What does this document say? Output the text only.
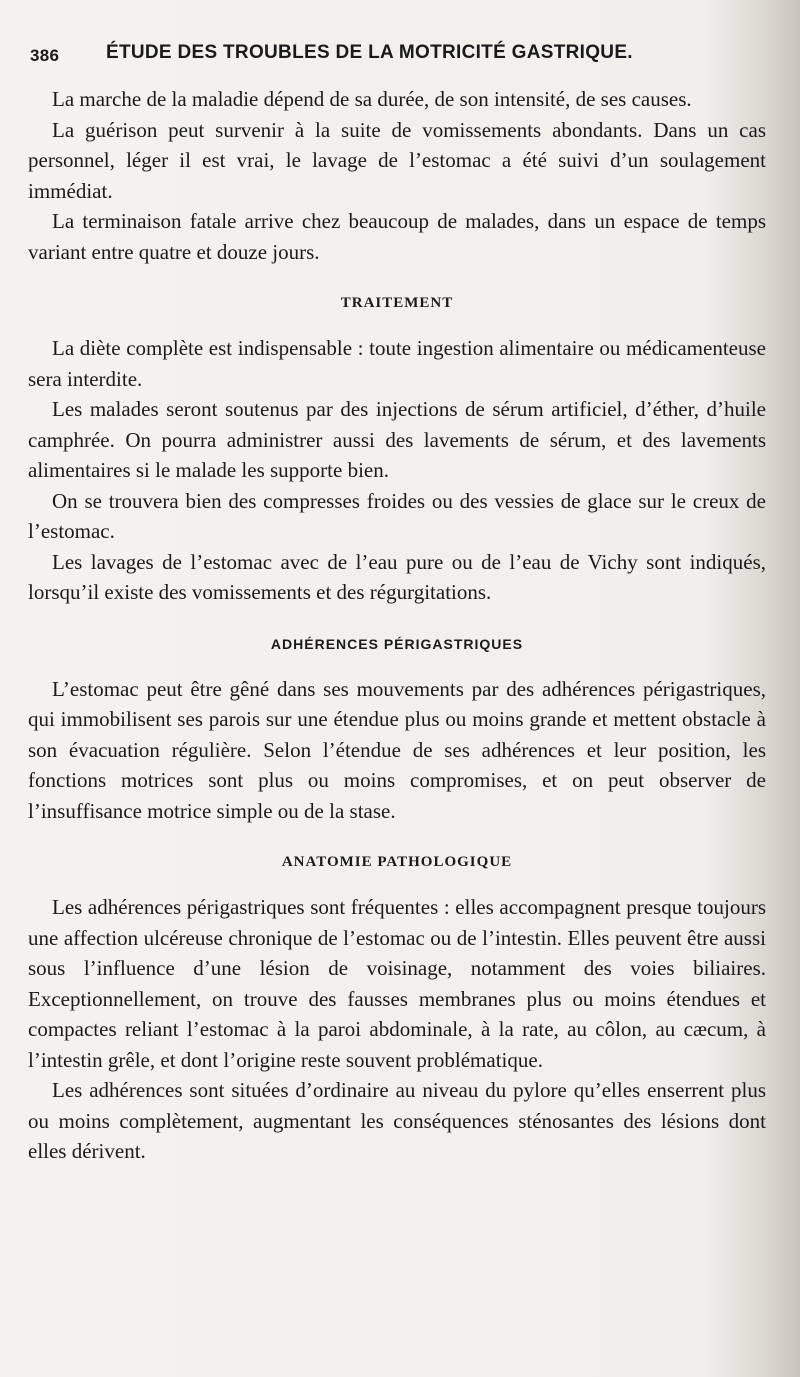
386 ÉTUDE DES TROUBLES DE LA MOTRICITÉ GASTRIQUE.

La marche de la maladie dépend de sa durée, de son intensité, de ses causes.

La guérison peut survenir à la suite de vomissements abondants. Dans un cas personnel, léger il est vrai, le lavage de l’estomac a été suivi d’un soulagement immédiat.

La terminaison fatale arrive chez beaucoup de malades, dans un espace de temps variant entre quatre et douze jours.

TRAITEMENT

La diète complète est indispensable : toute ingestion alimentaire ou médicamenteuse sera interdite.

Les malades seront soutenus par des injections de sérum artificiel, d’éther, d’huile camphrée. On pourra administrer aussi des lavements de sérum, et des lavements alimentaires si le malade les supporte bien.

On se trouvera bien des compresses froides ou des vessies de glace sur le creux de l’estomac.

Les lavages de l’estomac avec de l’eau pure ou de l’eau de Vichy sont indiqués, lorsqu’il existe des vomissements et des régurgitations.

ADHÉRENCES PÉRIGASTRIQUES

L’estomac peut être gêné dans ses mouvements par des adhérences périgastriques, qui immobilisent ses parois sur une étendue plus ou moins grande et mettent obstacle à son évacuation régulière. Selon l’étendue de ses adhérences et leur position, les fonctions motrices sont plus ou moins compromises, et on peut observer de l’insuffisance motrice simple ou de la stase.

ANATOMIE PATHOLOGIQUE

Les adhérences périgastriques sont fréquentes : elles accompagnent presque toujours une affection ulcéreuse chronique de l’estomac ou de l’intestin. Elles peuvent être aussi sous l’influence d’une lésion de voisinage, notamment des voies biliaires. Exceptionnellement, on trouve des fausses membranes plus ou moins étendues et compactes reliant l’estomac à la paroi abdominale, à la rate, au côlon, au cæcum, à l’intestin grêle, et dont l’origine reste souvent problématique.

Les adhérences sont situées d’ordinaire au niveau du pylore qu’elles enserrent plus ou moins complètement, augmentant les conséquences sténosantes des lésions dont elles dérivent.
